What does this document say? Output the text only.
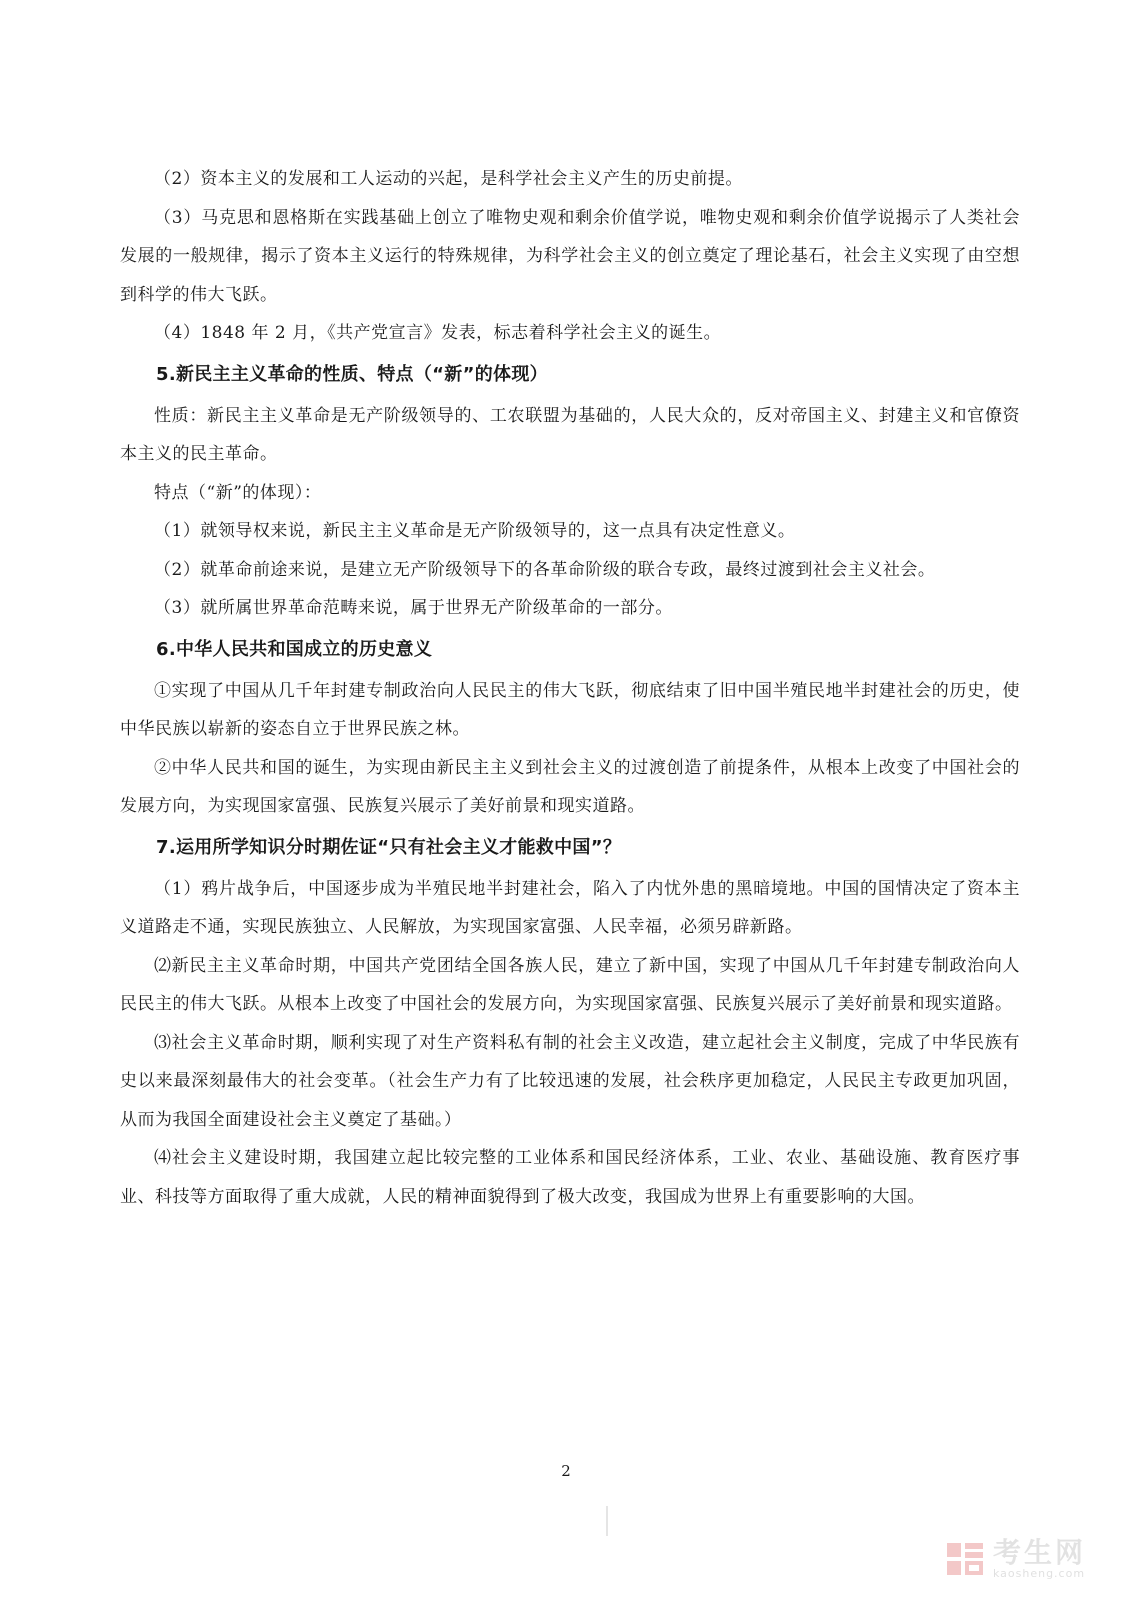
（2）资本主义的发展和工人运动的兴起，是科学社会主义产生的历史前提。

（3）马克思和恩格斯在实践基础上创立了唯物史观和剩余价值学说，唯物史观和剩余价值学说揭示了人类社会发展的一般规律，揭示了资本主义运行的特殊规律，为科学社会主义的创立奠定了理论基石，社会主义实现了由空想到科学的伟大飞跃。

（4）1848 年 2 月，《共产党宣言》发表，标志着科学社会主义的诞生。

5.新民主主义革命的性质、特点（“新”的体现）

性质：新民主主义革命是无产阶级领导的、工农联盟为基础的，人民大众的，反对帝国主义、封建主义和官僚资本主义的民主革命。

特点（“新”的体现）：

（1）就领导权来说，新民主主义革命是无产阶级领导的，这一点具有决定性意义。

（2）就革命前途来说，是建立无产阶级领导下的各革命阶级的联合专政，最终过渡到社会主义社会。

（3）就所属世界革命范畴来说，属于世界无产阶级革命的一部分。

6.中华人民共和国成立的历史意义

①实现了中国从几千年封建专制政治向人民民主的伟大飞跃，彻底结束了旧中国半殖民地半封建社会的历史，使中华民族以崭新的姿态自立于世界民族之林。

②中华人民共和国的诞生，为实现由新民主主义到社会主义的过渡创造了前提条件，从根本上改变了中国社会的发展方向，为实现国家富强、民族复兴展示了美好前景和现实道路。

7.运用所学知识分时期佐证“只有社会主义才能救中国”？

（1）鸦片战争后，中国逐步成为半殖民地半封建社会，陷入了内忧外患的黑暗境地。中国的国情决定了资本主义道路走不通，实现民族独立、人民解放，为实现国家富强、人民幸福，必须另辟新路。

⑵新民主主义革命时期，中国共产党团结全国各族人民，建立了新中国，实现了中国从几千年封建专制政治向人民民主的伟大飞跃。从根本上改变了中国社会的发展方向，为实现国家富强、民族复兴展示了美好前景和现实道路。

⑶社会主义革命时期，顺利实现了对生产资料私有制的社会主义改造，建立起社会主义制度，完成了中华民族有史以来最深刻最伟大的社会变革。（社会生产力有了比较迅速的发展，社会秩序更加稳定，人民民主专政更加巩固，从而为我国全面建设社会主义奠定了基础。）

⑷社会主义建设时期，我国建立起比较完整的工业体系和国民经济体系，工业、农业、基础设施、教育医疗事业、科技等方面取得了重大成就，人民的精神面貌得到了极大改变，我国成为世界上有重要影响的大国。

2
考生网
kaosheng.com
